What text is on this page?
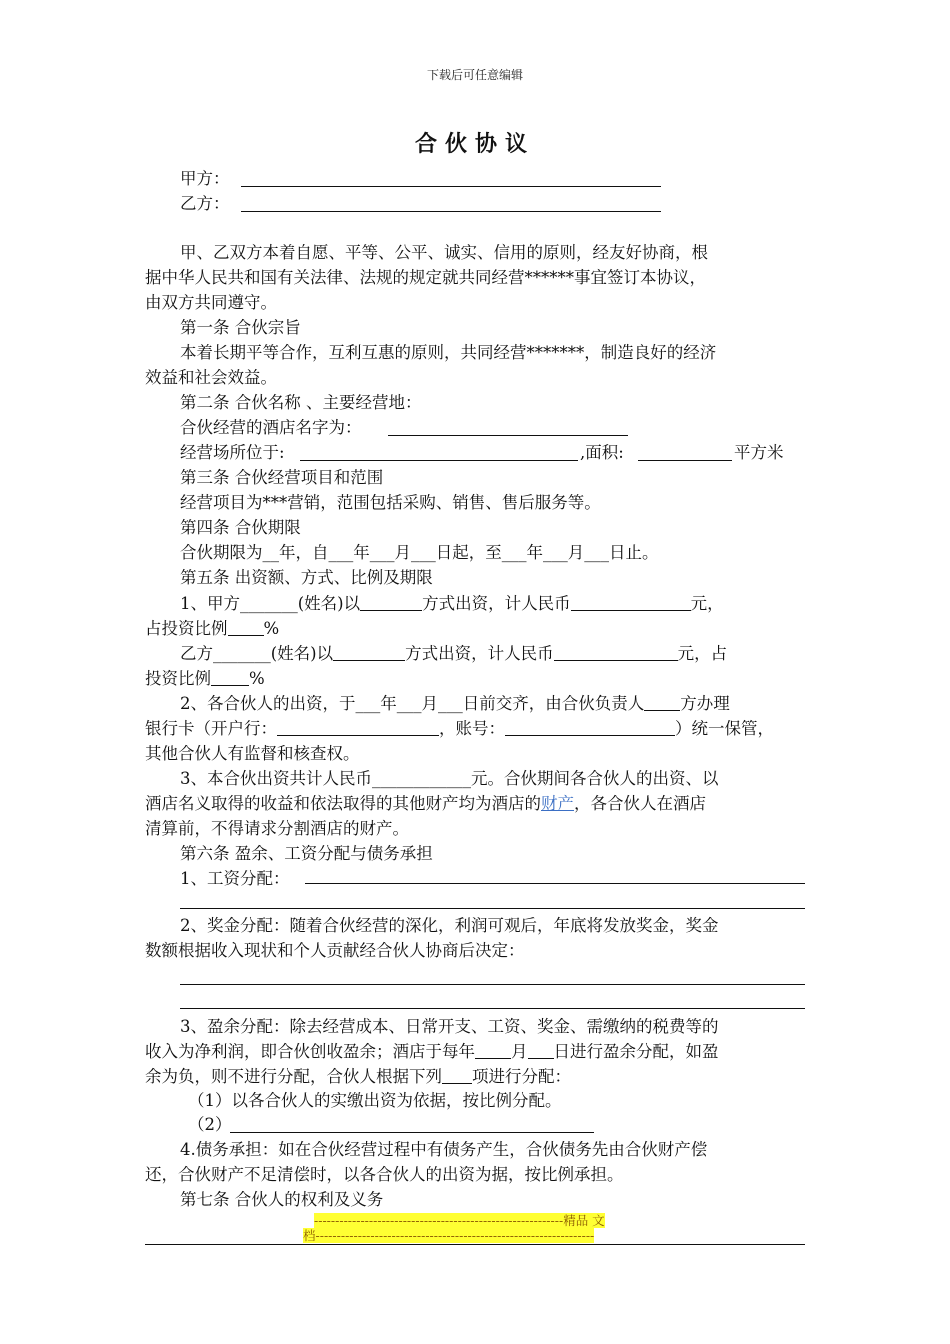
下载后可任意编辑
合伙协议
甲方：
乙方：
甲、乙双方本着自愿、平等、公平、诚实、信用的原则，经友好协商，根
据中华人民共和国有关法律、法规的规定就共同经营******事宜签订本协议，
由双方共同遵守。
第一条 合伙宗旨
本着长期平等合作，互利互惠的原则，共同经营*******，制造良好的经济
效益和社会效益。
第二条 合伙名称 、主要经营地：
合伙经营的酒店名字为：
经营场所位于:	,面积:	平方米
第三条 合伙经营项目和范围
经营项目为***营销，范围包括采购、销售、售后服务等。
第四条 合伙期限
合伙期限为__年，自___年___月___日起，至___年___月___日止。
第五条 出资额、方式、比例及期限
1、甲方_______(姓名)以	方式出资，计人民币	元，
占投资比例 %
乙方_______(姓名)以	方式出资，计人民币	元，占
投资比例 %
2、各合伙人的出资，于___年___月___日前交齐，由合伙负责人 方办理
银行卡（开户行：	，账号：	）统一保管，
其他合伙人有监督和核查权。
3、本合伙出资共计人民币____________元。合伙期间各合伙人的出资、以
酒店名义取得的收益和依法取得的其他财产均为酒店的财产，各合伙人在酒店
清算前，不得请求分割酒店的财产。
第六条 盈余、工资分配与债务承担
1、工资分配：
2、奖金分配：随着合伙经营的深化，利润可观后，年底将发放奖金，奖金
数额根据收入现状和个人贡献经合伙人协商后决定：
3、盈余分配：除去经营成本、日常开支、工资、奖金、需缴纳的税费等的
收入为净利润，即合伙创收盈余；酒店于每年 月 日进行盈余分配，如盈
余为负，则不进行分配，合伙人根据下列 项进行分配：
（1）以各合伙人的实缴出资为依据，按比例分配。
（2）
4.债务承担：如在合伙经营过程中有债务产生，合伙债务先由合伙财产偿
还，合伙财产不足清偿时，以各合伙人的出资为据，按比例承担。
第七条 合伙人的权利及义务
-----------------------------------------------------------精品 文
档------------------------------------------------------------------
